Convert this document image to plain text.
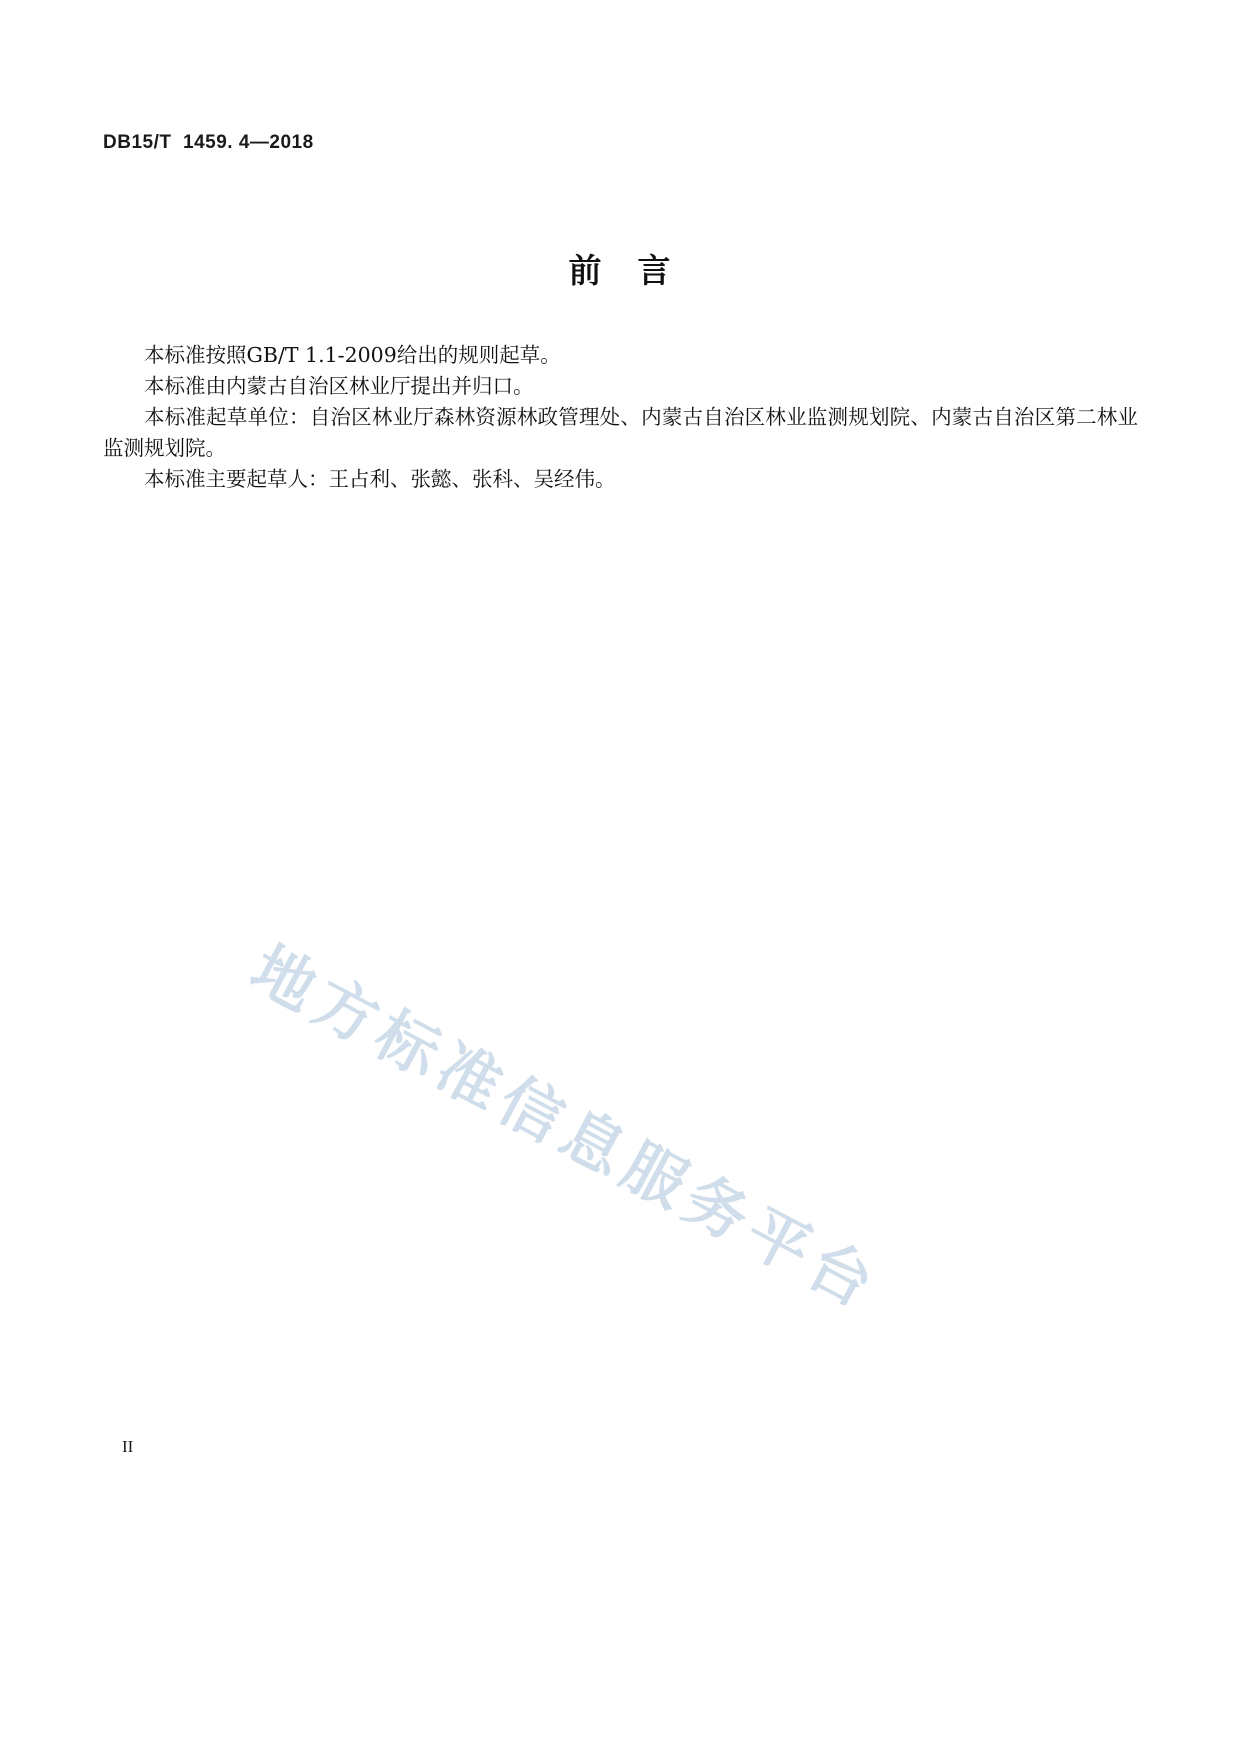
DB15/T  1459. 4—2018
前 言

本标准按照GB/T 1.1-2009给出的规则起草。

本标准由内蒙古自治区林业厅提出并归口。

本标准起草单位：自治区林业厅森林资源林政管理处、内蒙古自治区林业监测规划院、内蒙古自治区第二林业监测规划院。

本标准主要起草人：王占利、张懿、张科、吴经伟。

地方标准信息服务平台
II
